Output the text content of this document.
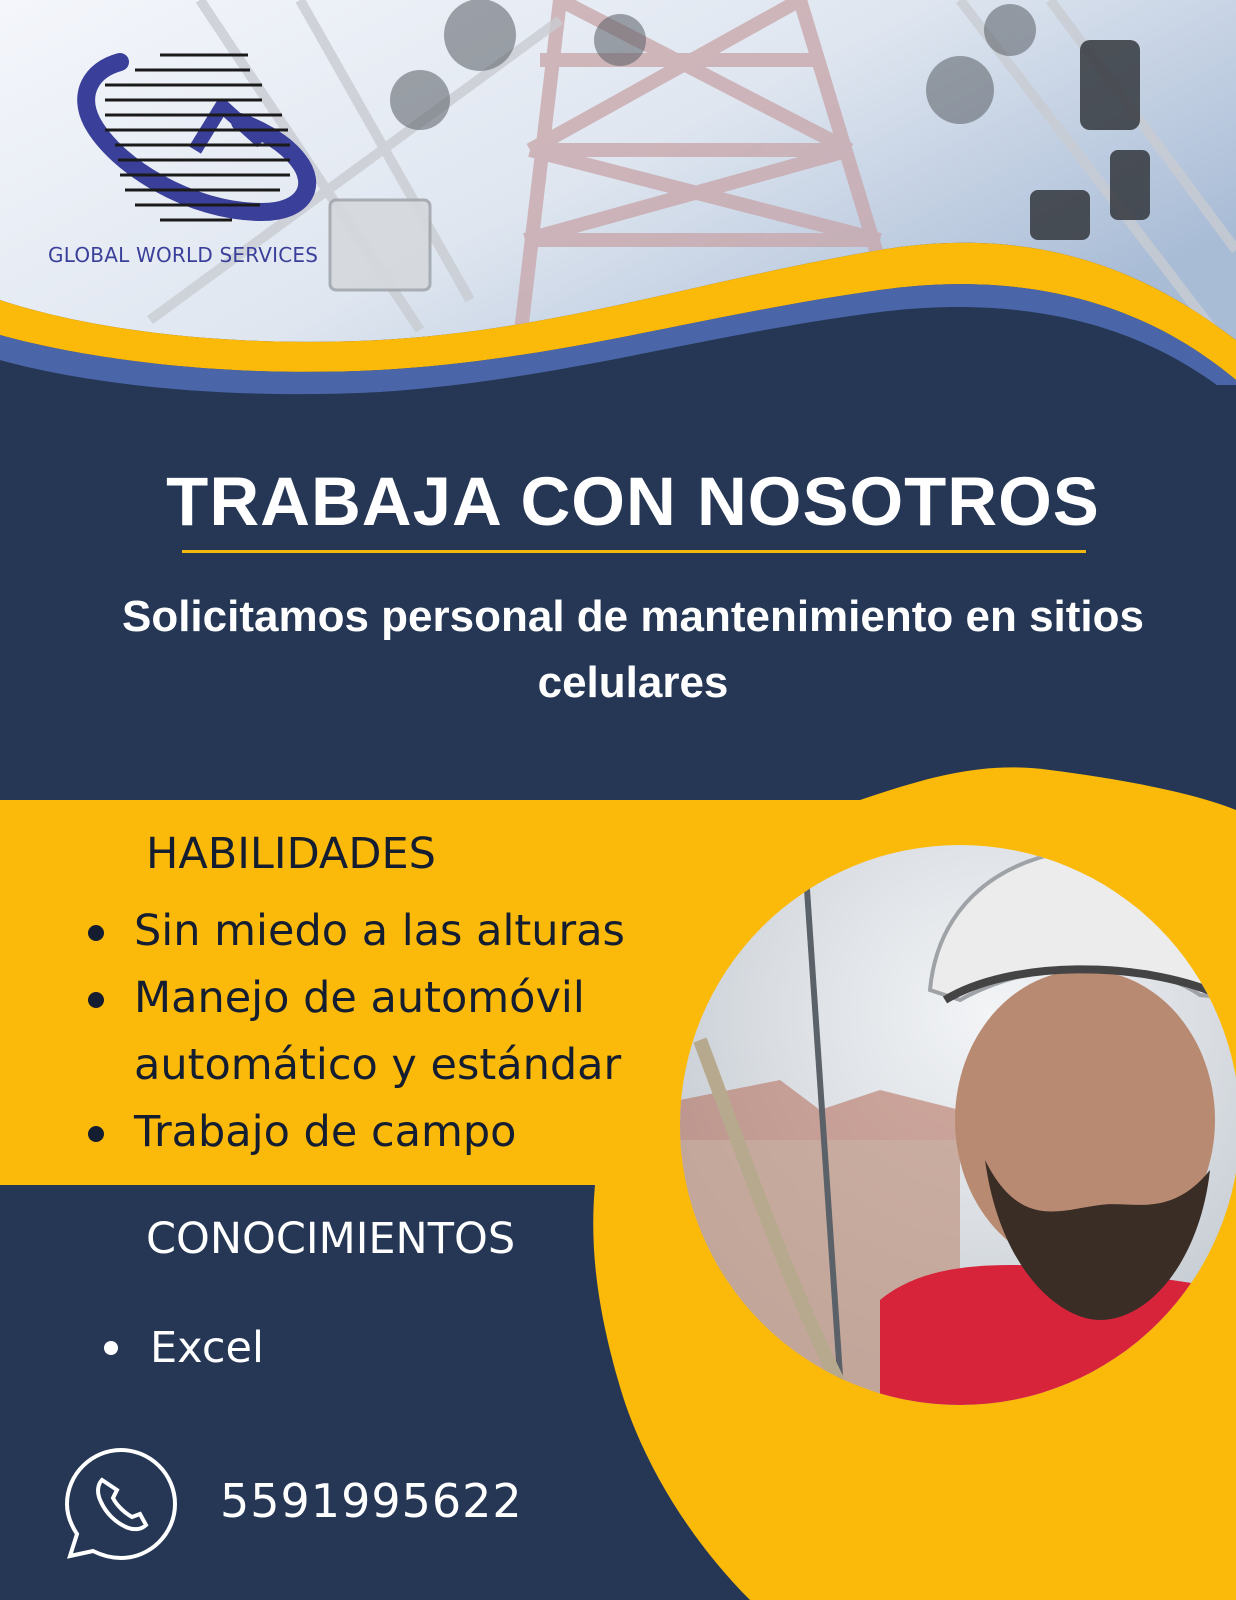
GLOBAL WORLD SERVICES
TRABAJA CON NOSOTROS
Solicitamos personal de mantenimiento en sitios celulares
HABILIDADES
Sin miedo a las alturas
Manejo de automóvil automático y estándar
Trabajo de campo
CONOCIMIENTOS
Excel
5591995622
